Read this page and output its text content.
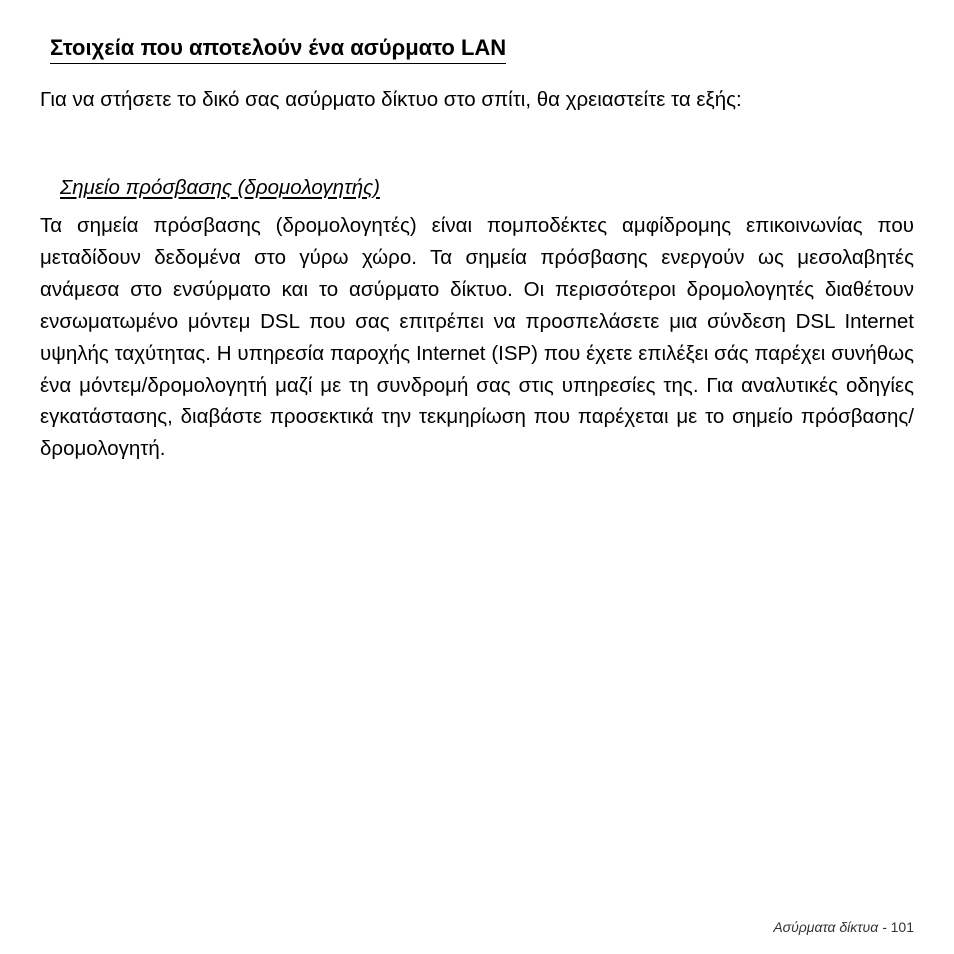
Στοιχεία που αποτελούν ένα ασύρματο LAN

Για να στήσετε το δικό σας ασύρματο δίκτυο στο σπίτι, θα χρειαστείτε τα εξής:

Σημείο πρόσβασης (δρομολογητής)

Τα σημεία πρόσβασης (δρομολογητές) είναι πομποδέκτες αμφίδρομης επικοινωνίας που μεταδίδουν δεδομένα στο γύρω χώρο. Τα σημεία πρόσβασης ενεργούν ως μεσολαβητές ανάμεσα στο ενσύρματο και το ασύρματο δίκτυο. Οι περισσότεροι δρομολογητές διαθέτουν ενσωματωμένο μόντεμ DSL που σας επιτρέπει να προσπελάσετε μια σύνδεση DSL Internet υψηλής ταχύτητας. Η υπηρεσία παροχής Internet (ISP) που έχετε επιλέξει σάς παρέχει συνήθως ένα μόντεμ/δρομολογητή μαζί με τη συνδρομή σας στις υπηρεσίες της. Για αναλυτικές οδηγίες εγκατάστασης, διαβάστε προσεκτικά την τεκμηρίωση που παρέχεται με το σημείο πρόσβασης/δρομολογητή.

Ασύρματα δίκτυα - 101
